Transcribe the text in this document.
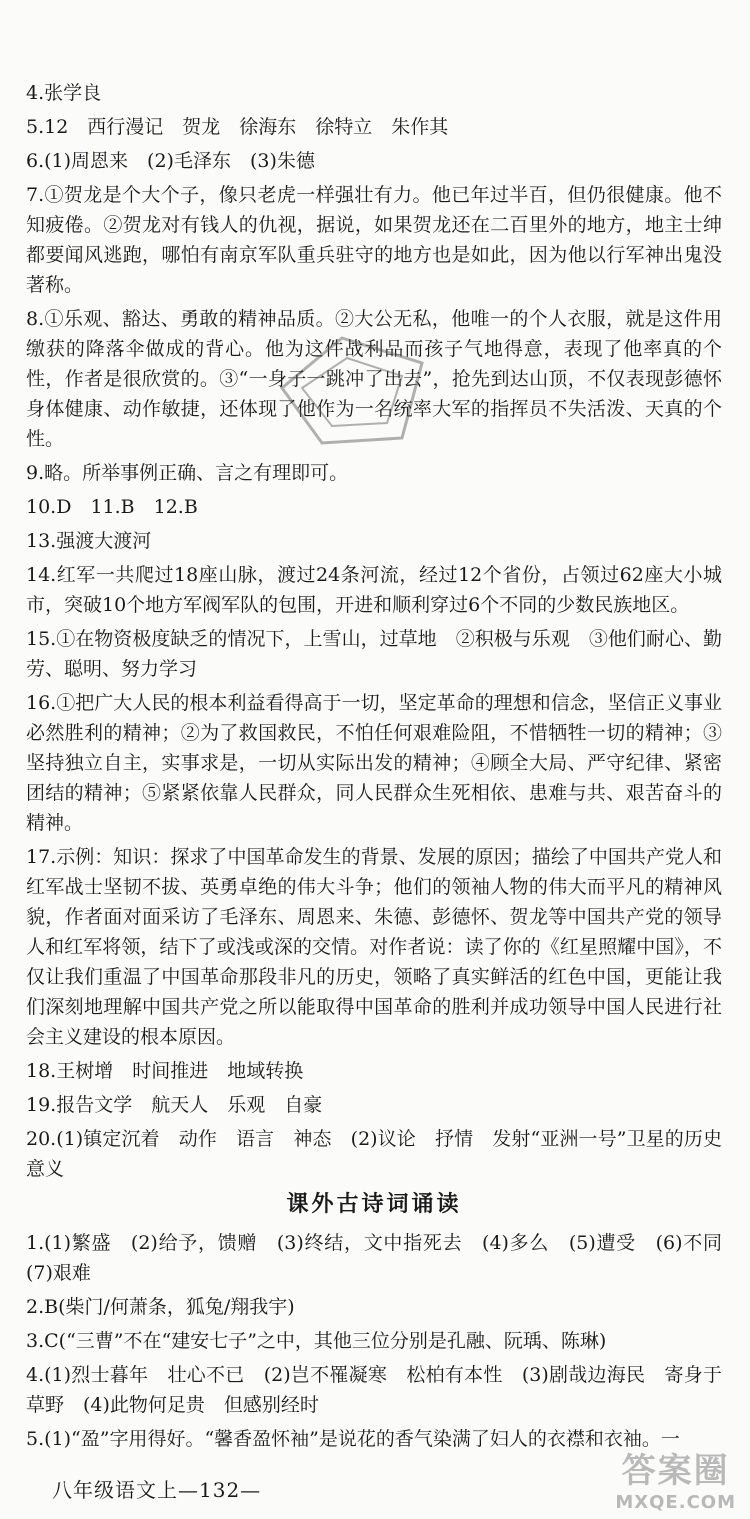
4.张学良
5.12　西行漫记　贺龙　徐海东　徐特立　朱作其
6.(1)周恩来　(2)毛泽东　(3)朱德
7.①贺龙是个大个子，像只老虎一样强壮有力。他已年过半百，但仍很健康。他不知疲倦。②贺龙对有钱人的仇视，据说，如果贺龙还在二百里外的地方，地主士绅都要闻风逃跑，哪怕有南京军队重兵驻守的地方也是如此，因为他以行军神出鬼没著称。
8.①乐观、豁达、勇敢的精神品质。②大公无私，他唯一的个人衣服，就是这件用缴获的降落伞做成的背心。他为这件战利品而孩子气地得意，表现了他率真的个性，作者是很欣赏的。③“一身子一跳冲了出去”，抢先到达山顶，不仅表现彭德怀身体健康、动作敏捷，还体现了他作为一名统率大军的指挥员不失活泼、天真的个性。
9.略。所举事例正确、言之有理即可。
10.D　11.B　12.B
13.强渡大渡河
14.红军一共爬过18座山脉，渡过24条河流，经过12个省份，占领过62座大小城市，突破10个地方军阀军队的包围，开进和顺利穿过6个不同的少数民族地区。
15.①在物资极度缺乏的情况下，上雪山，过草地　②积极与乐观　③他们耐心、勤劳、聪明、努力学习
16.①把广大人民的根本利益看得高于一切，坚定革命的理想和信念，坚信正义事业必然胜利的精神；②为了救国救民，不怕任何艰难险阻，不惜牺牲一切的精神；③坚持独立自主，实事求是，一切从实际出发的精神；④顾全大局、严守纪律、紧密团结的精神；⑤紧紧依靠人民群众，同人民群众生死相依、患难与共、艰苦奋斗的精神。
17.示例：知识：探求了中国革命发生的背景、发展的原因；描绘了中国共产党人和红军战士坚韧不拔、英勇卓绝的伟大斗争；他们的领袖人物的伟大而平凡的精神风貌，作者面对面采访了毛泽东、周恩来、朱德、彭德怀、贺龙等中国共产党的领导人和红军将领，结下了或浅或深的交情。对作者说：读了你的《红星照耀中国》，不仅让我们重温了中国革命那段非凡的历史，领略了真实鲜活的红色中国，更能让我们深刻地理解中国共产党之所以能取得中国革命的胜利并成功领导中国人民进行社会主义建设的根本原因。
18.王树增　时间推进　地域转换
19.报告文学　航天人　乐观　自豪
20.(1)镇定沉着　动作　语言　神态　(2)议论　抒情　发射“亚洲一号”卫星的历史意义
课外古诗词诵读
1.(1)繁盛　(2)给予，馈赠　(3)终结，文中指死去　(4)多么　(5)遭受　(6)不同　(7)艰难
2.B(柴门/何萧条，狐兔/翔我宇)
3.C(“三曹”不在“建安七子”之中，其他三位分别是孔融、阮瑀、陈琳)
4.(1)烈士暮年　壮心不已　(2)岂不罹凝寒　松柏有本性　(3)剧哉边海民　寄身于草野　(4)此物何足贵　但感别经时
5.(1)“盈”字用得好。“馨香盈怀袖”是说花的香气染满了妇人的衣襟和衣袖。一
八年级语文上—132—	答案圈
MXQE.COM
